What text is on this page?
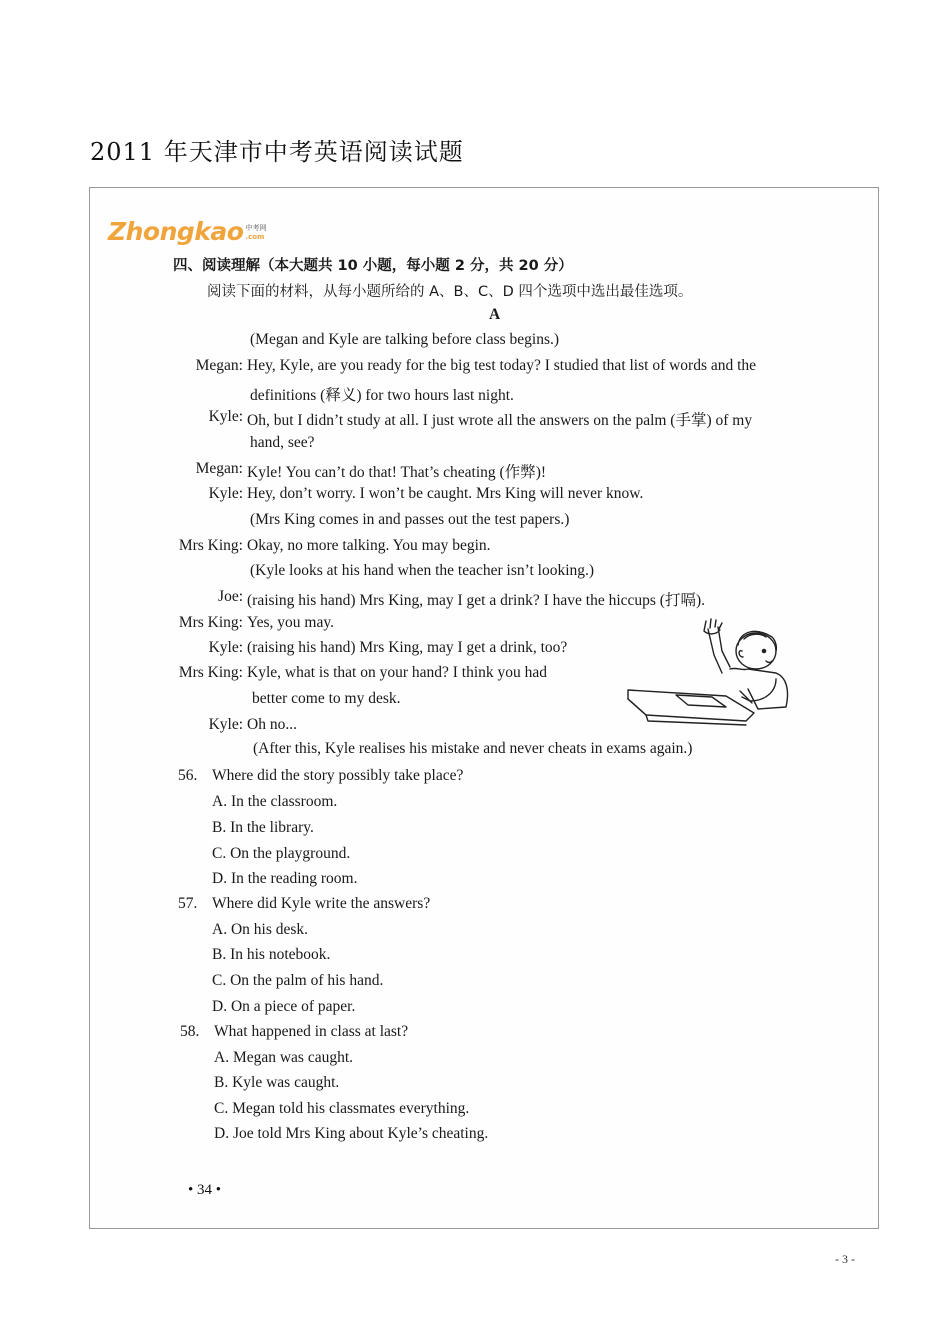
2011 年天津市中考英语阅读试题
Zhongkao 中考网
.com
四、阅读理解（本大题共 10 小题，每小题 2 分，共 20 分）
阅读下面的材料，从每小题所给的 A、B、C、D 四个选项中选出最佳选项。
A
(Megan and Kyle are talking before class begins.)
Megan: Hey, Kyle, are you ready for the big test today? I studied that list of words and the
definitions (释义) for two hours last night.
Kyle: Oh, but I didn’t study at all. I just wrote all the answers on the palm (手掌) of my
hand, see?
Megan: Kyle! You can’t do that! That’s cheating (作弊)!
Kyle: Hey, don’t worry. I won’t be caught. Mrs King will never know.
(Mrs King comes in and passes out the test papers.)
Mrs King: Okay, no more talking. You may begin.
(Kyle looks at his hand when the teacher isn’t looking.)
Joe: (raising his hand) Mrs King, may I get a drink? I have the hiccups (打嗝).
Mrs King: Yes, you may.
Kyle: (raising his hand) Mrs King, may I get a drink, too?
Mrs King: Kyle, what is that on your hand? I think you had
better come to my desk.
Kyle: Oh no...
(After this, Kyle realises his mistake and never cheats in exams again.)
56. Where did the story possibly take place?
A. In the classroom.
B. In the library.
C. On the playground.
D. In the reading room.
57. Where did Kyle write the answers?
A. On his desk.
B. In his notebook.
C. On the palm of his hand.
D. On a piece of paper.
58. What happened in class at last?
A. Megan was caught.
B. Kyle was caught.
C. Megan told his classmates everything.
D. Joe told Mrs King about Kyle’s cheating.
• 34 •
- 3 -
